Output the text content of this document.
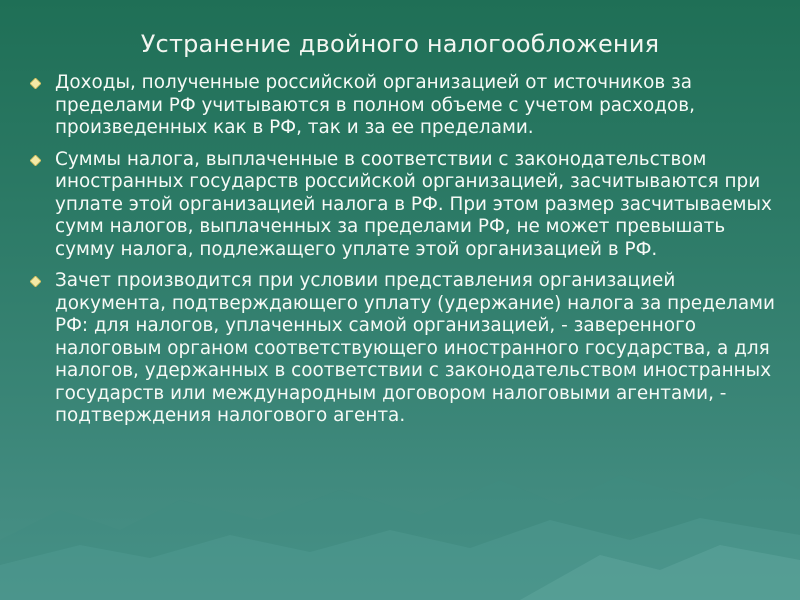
Устранение двойного налогообложения
Доходы, полученные российской организацией от источников за пределами РФ учитываются в полном объеме с учетом расходов, произведенных как в РФ, так и за ее пределами.
Суммы налога, выплаченные в соответствии с законодательством иностранных государств российской организацией, засчитываются при уплате этой организацией налога в РФ. При этом размер засчитываемых сумм налогов, выплаченных за пределами РФ, не может превышать сумму налога, подлежащего уплате этой организацией в РФ.
Зачет производится при условии представления организацией документа, подтверждающего уплату (удержание) налога за пределами РФ: для налогов, уплаченных самой организацией, - заверенного налоговым органом соответствующего иностранного государства, а для налогов, удержанных в соответствии с законодательством иностранных государств или международным договором налоговыми агентами, - подтверждения налогового агента.
